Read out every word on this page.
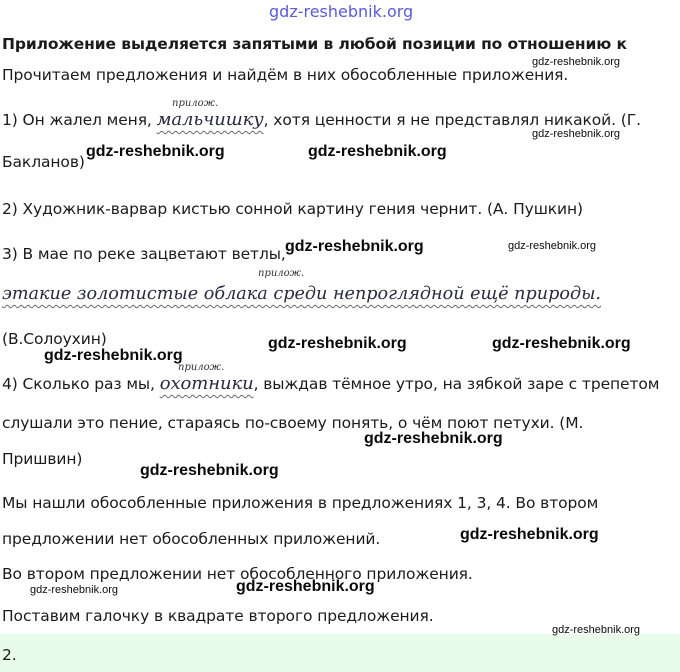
gdz-reshebnik.org
Приложение выделяется запятыми в любой позиции по отношению к
Прочитаем предложения и найдём в них обособленные приложения.
gdz-reshebnik.org
прилож.
1) Он жалел меня, мальчишку, хотя ценности я не представлял никакой. (Г.
gdz-reshebnik.org
Бакланов)
gdz-reshebnik.org	gdz-reshebnik.org
2) Художник-варвар кистью сонной картину гения чернит. (А. Пушкин)
3) В мае по реке зацветают ветлы, gdz-reshebnik.org	gdz-reshebnik.org
прилож.
этакие золотистые облака среди непроглядной ещё природы.
(В.Солоухин)
gdz-reshebnik.org
gdz-reshebnik.org	gdz-reshebnik.org
прилож.
4) Сколько раз мы, охотники, выждав тёмное утро, на зябкой заре с трепетом
слушали это пение, стараясь по-своему понять, о чём поют петухи. (М.
gdz-reshebnik.org
Пришвин)
gdz-reshebnik.org
Мы нашли обособленные приложения в предложениях 1, 3, 4. Во втором
предложении нет обособленных приложений.	gdz-reshebnik.org
Во втором предложении нет обособленного приложения.
gdz-reshebnik.org	gdz-reshebnik.org
Поставим галочку в квадрате второго предложения.
gdz-reshebnik.org
2.
